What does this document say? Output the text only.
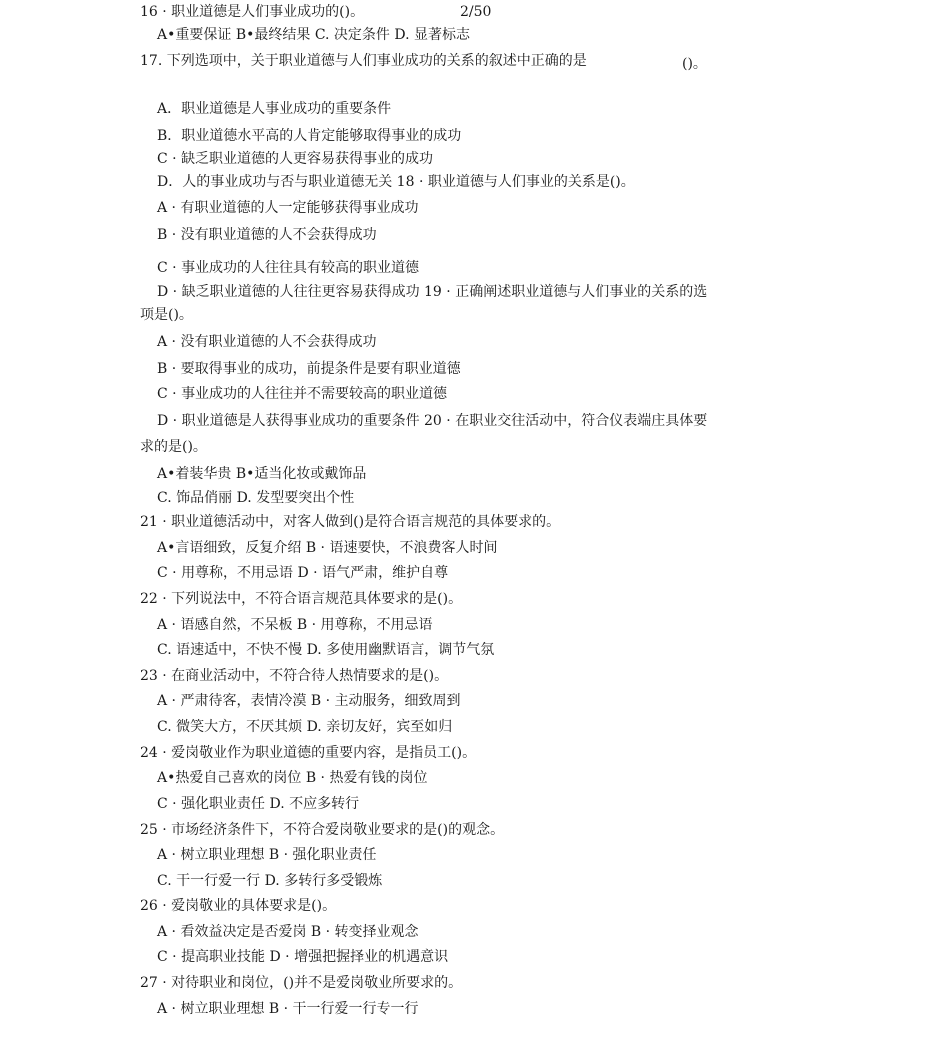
2/50
()。
16 · 职业道德是人们事业成功的()。
A•重要保证 B•最终结果 C. 决定条件 D. 显著标志
17. 下列选项中，关于职业道德与人们事业成功的关系的叙述中正确的是
A．职业道德是人事业成功的重要条件
B．职业道德水平高的人肯定能够取得事业的成功
C · 缺乏职业道德的人更容易获得事业的成功
D．人的事业成功与否与职业道德无关 18 · 职业道德与人们事业的关系是()。
A · 有职业道德的人一定能够获得事业成功
B · 没有职业道德的人不会获得成功
C · 事业成功的人往往具有较高的职业道德
D · 缺乏职业道德的人往往更容易获得成功 19 · 正确阐述职业道德与人们事业的关系的选
项是()。
A · 没有职业道德的人不会获得成功
B · 要取得事业的成功，前提条件是要有职业道德
C · 事业成功的人往往并不需要较高的职业道德
D · 职业道德是人获得事业成功的重要条件 20 · 在职业交往活动中，符合仪表端庄具体要
求的是()。
A•着装华贵 B•适当化妆或戴饰品
C. 饰品俏丽 D. 发型要突出个性
21 · 职业道德活动中，对客人做到()是符合语言规范的具体要求的。
A•言语细致，反复介绍 B · 语速要快，不浪费客人时间
C · 用尊称，不用忌语 D · 语气严肃，维护自尊
22 · 下列说法中，不符合语言规范具体要求的是()。
A · 语感自然，不呆板 B · 用尊称，不用忌语
C. 语速适中，不快不慢 D. 多使用幽默语言，调节气氛
23 · 在商业活动中，不符合待人热情要求的是()。
A · 严肃待客，表情冷漠 B · 主动服务，细致周到
C. 微笑大方，不厌其烦 D. 亲切友好，宾至如归
24 · 爱岗敬业作为职业道德的重要内容，是指员工()。
A•热爱自己喜欢的岗位 B · 热爱有钱的岗位
C · 强化职业责任 D. 不应多转行
25 · 市场经济条件下，不符合爱岗敬业要求的是()的观念。
A · 树立职业理想 B · 强化职业责任
C. 干一行爱一行 D. 多转行多受锻炼
26 · 爱岗敬业的具体要求是()。
A · 看效益决定是否爱岗 B · 转变择业观念
C · 提高职业技能 D · 增强把握择业的机遇意识
27 · 对待职业和岗位，()并不是爱岗敬业所要求的。
A · 树立职业理想 B · 干一行爱一行专一行
